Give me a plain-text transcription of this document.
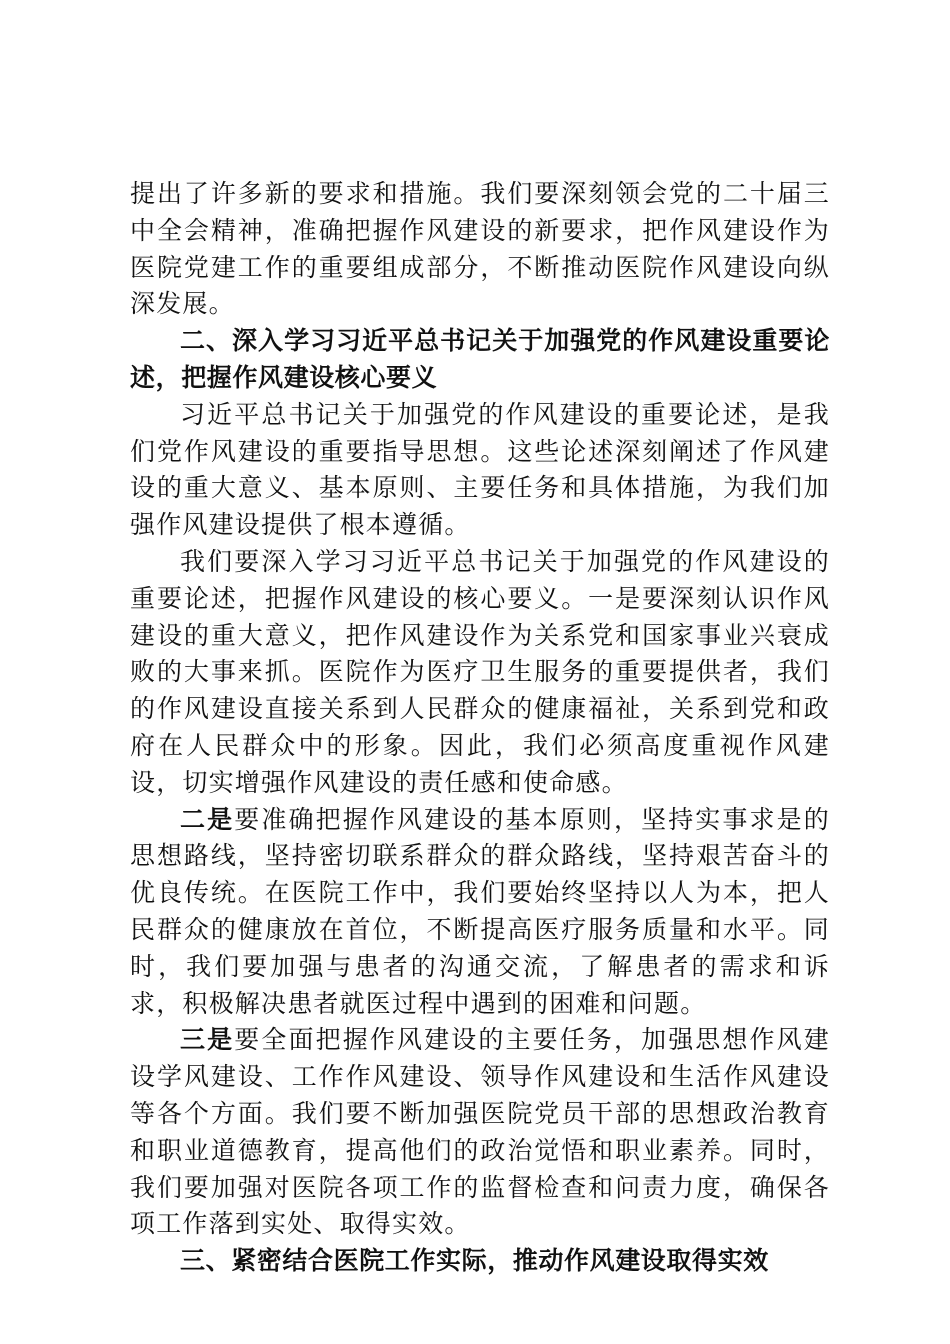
提出了许多新的要求和措施。我们要深刻领会党的二十届三中全会精神，准确把握作风建设的新要求，把作风建设作为医院党建工作的重要组成部分，不断推动医院作风建设向纵深发展。

二、深入学习习近平总书记关于加强党的作风建设重要论述，把握作风建设核心要义

习近平总书记关于加强党的作风建设的重要论述，是我们党作风建设的重要指导思想。这些论述深刻阐述了作风建设的重大意义、基本原则、主要任务和具体措施，为我们加强作风建设提供了根本遵循。

我们要深入学习习近平总书记关于加强党的作风建设的重要论述，把握作风建设的核心要义。一是要深刻认识作风建设的重大意义，把作风建设作为关系党和国家事业兴衰成败的大事来抓。医院作为医疗卫生服务的重要提供者，我们的作风建设直接关系到人民群众的健康福祉，关系到党和政府在人民群众中的形象。因此，我们必须高度重视作风建设，切实增强作风建设的责任感和使命感。

二是要准确把握作风建设的基本原则，坚持实事求是的思想路线，坚持密切联系群众的群众路线，坚持艰苦奋斗的优良传统。在医院工作中，我们要始终坚持以人为本，把人民群众的健康放在首位，不断提高医疗服务质量和水平。同时，我们要加强与患者的沟通交流，了解患者的需求和诉求，积极解决患者就医过程中遇到的困难和问题。

三是要全面把握作风建设的主要任务，加强思想作风建设学风建设、工作作风建设、领导作风建设和生活作风建设等各个方面。我们要不断加强医院党员干部的思想政治教育和职业道德教育，提高他们的政治觉悟和职业素养。同时，我们要加强对医院各项工作的监督检查和问责力度，确保各项工作落到实处、取得实效。

三、紧密结合医院工作实际，推动作风建设取得实效
